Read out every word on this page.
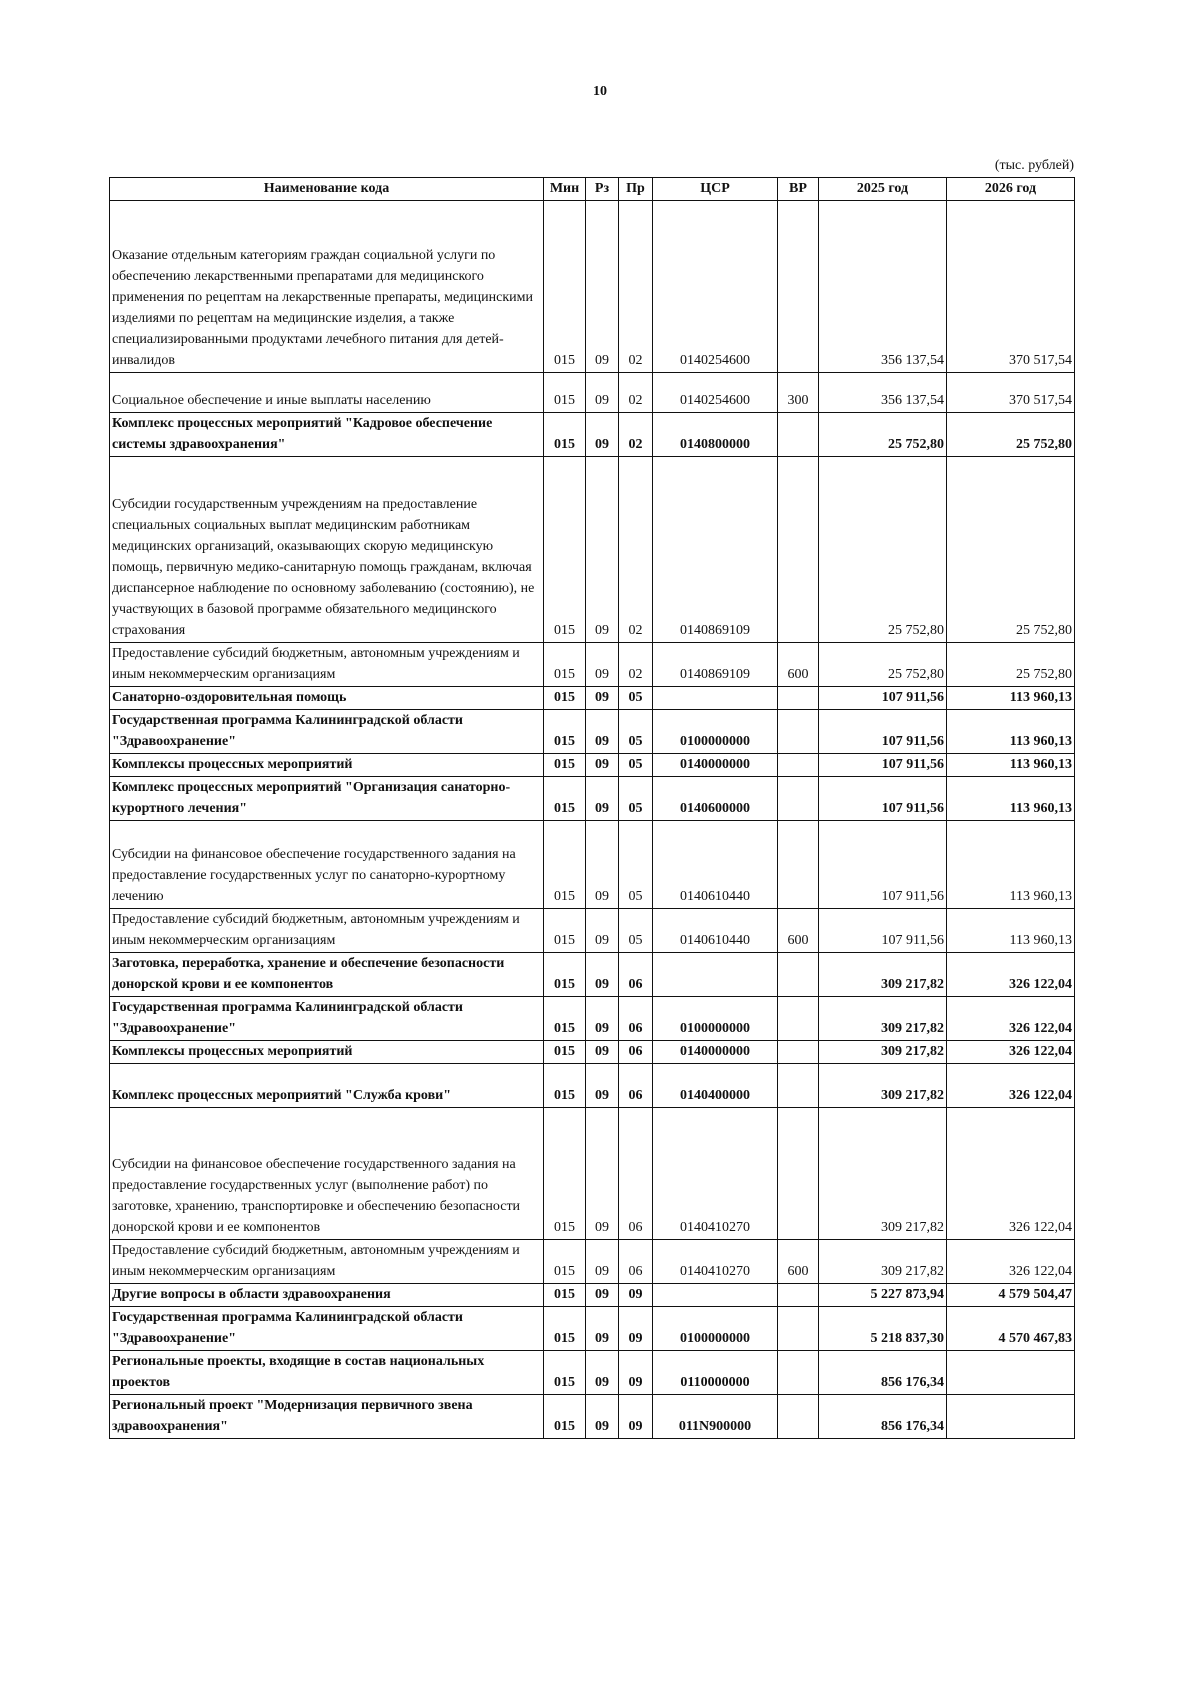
10
(тыс. рублей)
Наименование кода	Мин	Рз	Пр	ЦСР	ВР	2025 год	2026 год
Оказание отдельным категориям граждан социальной услуги по обеспечению лекарственными препаратами для медицинского применения по рецептам на лекарственные препараты, медицинскими изделиями по рецептам на медицинские изделия, а также специализированными продуктами лечебного питания для детей-инвалидов	015	09	02	0140254600		356 137,54	370 517,54
Социальное обеспечение и иные выплаты населению	015	09	02	0140254600	300	356 137,54	370 517,54
Комплекс процессных мероприятий "Кадровое обеспечение системы здравоохранения"	015	09	02	0140800000		25 752,80	25 752,80
Субсидии государственным учреждениям на предоставление специальных социальных выплат медицинским работникам медицинских организаций, оказывающих скорую медицинскую помощь, первичную медико-санитарную помощь гражданам, включая диспансерное наблюдение по основному заболеванию (состоянию), не участвующих в базовой программе обязательного медицинского страхования	015	09	02	0140869109		25 752,80	25 752,80
Предоставление субсидий бюджетным, автономным учреждениям и иным некоммерческим организациям	015	09	02	0140869109	600	25 752,80	25 752,80
Санаторно-оздоровительная помощь	015	09	05			107 911,56	113 960,13
Государственная программа Калининградской области "Здравоохранение"	015	09	05	0100000000		107 911,56	113 960,13
Комплексы процессных мероприятий	015	09	05	0140000000		107 911,56	113 960,13
Комплекс процессных мероприятий "Организация санаторно-курортного лечения"	015	09	05	0140600000		107 911,56	113 960,13
Субсидии на финансовое обеспечение государственного задания на предоставление государственных услуг по санаторно-курортному лечению	015	09	05	0140610440		107 911,56	113 960,13
Предоставление субсидий бюджетным, автономным учреждениям и иным некоммерческим организациям	015	09	05	0140610440	600	107 911,56	113 960,13
Заготовка, переработка, хранение и обеспечение безопасности донорской крови и ее компонентов	015	09	06			309 217,82	326 122,04
Государственная программа Калининградской области "Здравоохранение"	015	09	06	0100000000		309 217,82	326 122,04
Комплексы процессных мероприятий	015	09	06	0140000000		309 217,82	326 122,04
Комплекс процессных мероприятий "Служба крови"	015	09	06	0140400000		309 217,82	326 122,04
Субсидии на финансовое обеспечение государственного задания на предоставление государственных услуг (выполнение работ) по заготовке, хранению, транспортировке и обеспечению безопасности донорской крови и ее компонентов	015	09	06	0140410270		309 217,82	326 122,04
Предоставление субсидий бюджетным, автономным учреждениям и иным некоммерческим организациям	015	09	06	0140410270	600	309 217,82	326 122,04
Другие вопросы в области здравоохранения	015	09	09			5 227 873,94	4 579 504,47
Государственная программа Калининградской области "Здравоохранение"	015	09	09	0100000000		5 218 837,30	4 570 467,83
Региональные проекты, входящие в состав национальных проектов	015	09	09	0110000000		856 176,34	
Региональный проект "Модернизация первичного звена здравоохранения"	015	09	09	011N900000		856 176,34	
